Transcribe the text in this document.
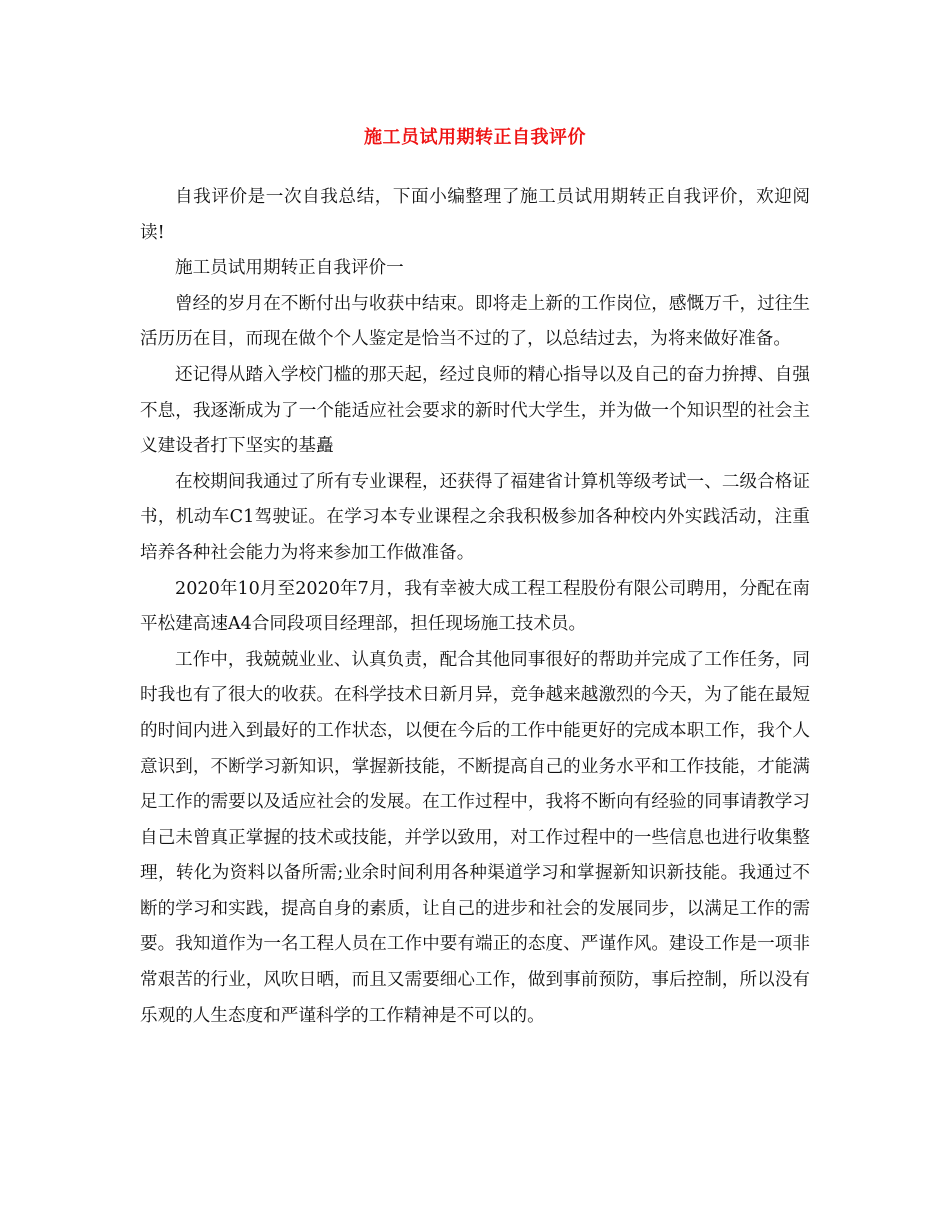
施工员试用期转正自我评价

自我评价是一次自我总结，下面小编整理了施工员试用期转正自我评价，欢迎阅读!

施工员试用期转正自我评价一

曾经的岁月在不断付出与收获中结束。即将走上新的工作岗位，感慨万千，过往生活历历在目，而现在做个个人鉴定是恰当不过的了，以总结过去，为将来做好准备。

还记得从踏入学校门槛的那天起，经过良师的精心指导以及自己的奋力拚搏、自强不息，我逐渐成为了一个能适应社会要求的新时代大学生，并为做一个知识型的社会主义建设者打下坚实的基矗

在校期间我通过了所有专业课程，还获得了福建省计算机等级考试一、二级合格证书，机动车C1驾驶证。在学习本专业课程之余我积极参加各种校内外实践活动，注重培养各种社会能力为将来参加工作做准备。

2020年10月至2020年7月，我有幸被大成工程工程股份有限公司聘用，分配在南平松建高速A4合同段项目经理部，担任现场施工技术员。

工作中，我兢兢业业、认真负责，配合其他同事很好的帮助并完成了工作任务，同时我也有了很大的收获。在科学技术日新月异，竞争越来越激烈的今天，为了能在最短的时间内进入到最好的工作状态，以便在今后的工作中能更好的完成本职工作，我个人意识到，不断学习新知识，掌握新技能，不断提高自己的业务水平和工作技能，才能满足工作的需要以及适应社会的发展。在工作过程中，我将不断向有经验的同事请教学习自己未曾真正掌握的技术或技能，并学以致用，对工作过程中的一些信息也进行收集整理，转化为资料以备所需;业余时间利用各种渠道学习和掌握新知识新技能。我通过不断的学习和实践，提高自身的素质，让自己的进步和社会的发展同步，以满足工作的需要。我知道作为一名工程人员在工作中要有端正的态度、严谨作风。建设工作是一项非常艰苦的行业，风吹日晒，而且又需要细心工作，做到事前预防，事后控制，所以没有乐观的人生态度和严谨科学的工作精神是不可以的。
